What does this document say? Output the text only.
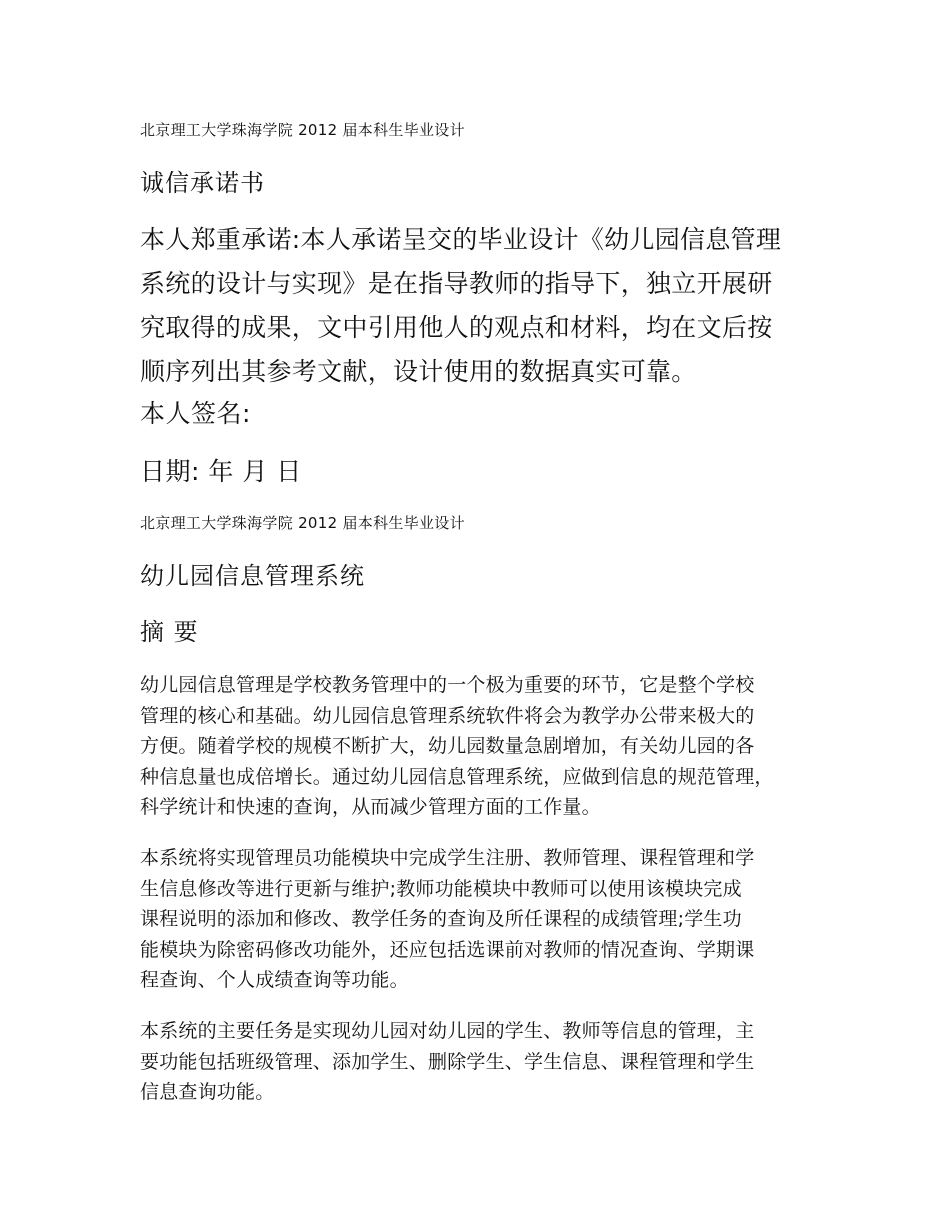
北京理工大学珠海学院 2012 届本科生毕业设计
诚信承诺书
本人郑重承诺:本人承诺呈交的毕业设计《幼儿园信息管理
系统的设计与实现》是在指导教师的指导下，独立开展研
究取得的成果，文中引用他人的观点和材料，均在文后按
顺序列出其参考文献，设计使用的数据真实可靠。
本人签名:
日期: 年 月 日
北京理工大学珠海学院 2012 届本科生毕业设计
幼儿园信息管理系统
摘 要
幼儿园信息管理是学校教务管理中的一个极为重要的环节，它是整个学校
管理的核心和基础。幼儿园信息管理系统软件将会为教学办公带来极大的
方便。随着学校的规模不断扩大，幼儿园数量急剧增加，有关幼儿园的各
种信息量也成倍增长。通过幼儿园信息管理系统，应做到信息的规范管理，
科学统计和快速的查询，从而减少管理方面的工作量。
本系统将实现管理员功能模块中完成学生注册、教师管理、课程管理和学
生信息修改等进行更新与维护;教师功能模块中教师可以使用该模块完成
课程说明的添加和修改、教学任务的查询及所任课程的成绩管理;学生功
能模块为除密码修改功能外，还应包括选课前对教师的情况查询、学期课
程查询、个人成绩查询等功能。
本系统的主要任务是实现幼儿园对幼儿园的学生、教师等信息的管理，主
要功能包括班级管理、添加学生、删除学生、学生信息、课程管理和学生
信息查询功能。
